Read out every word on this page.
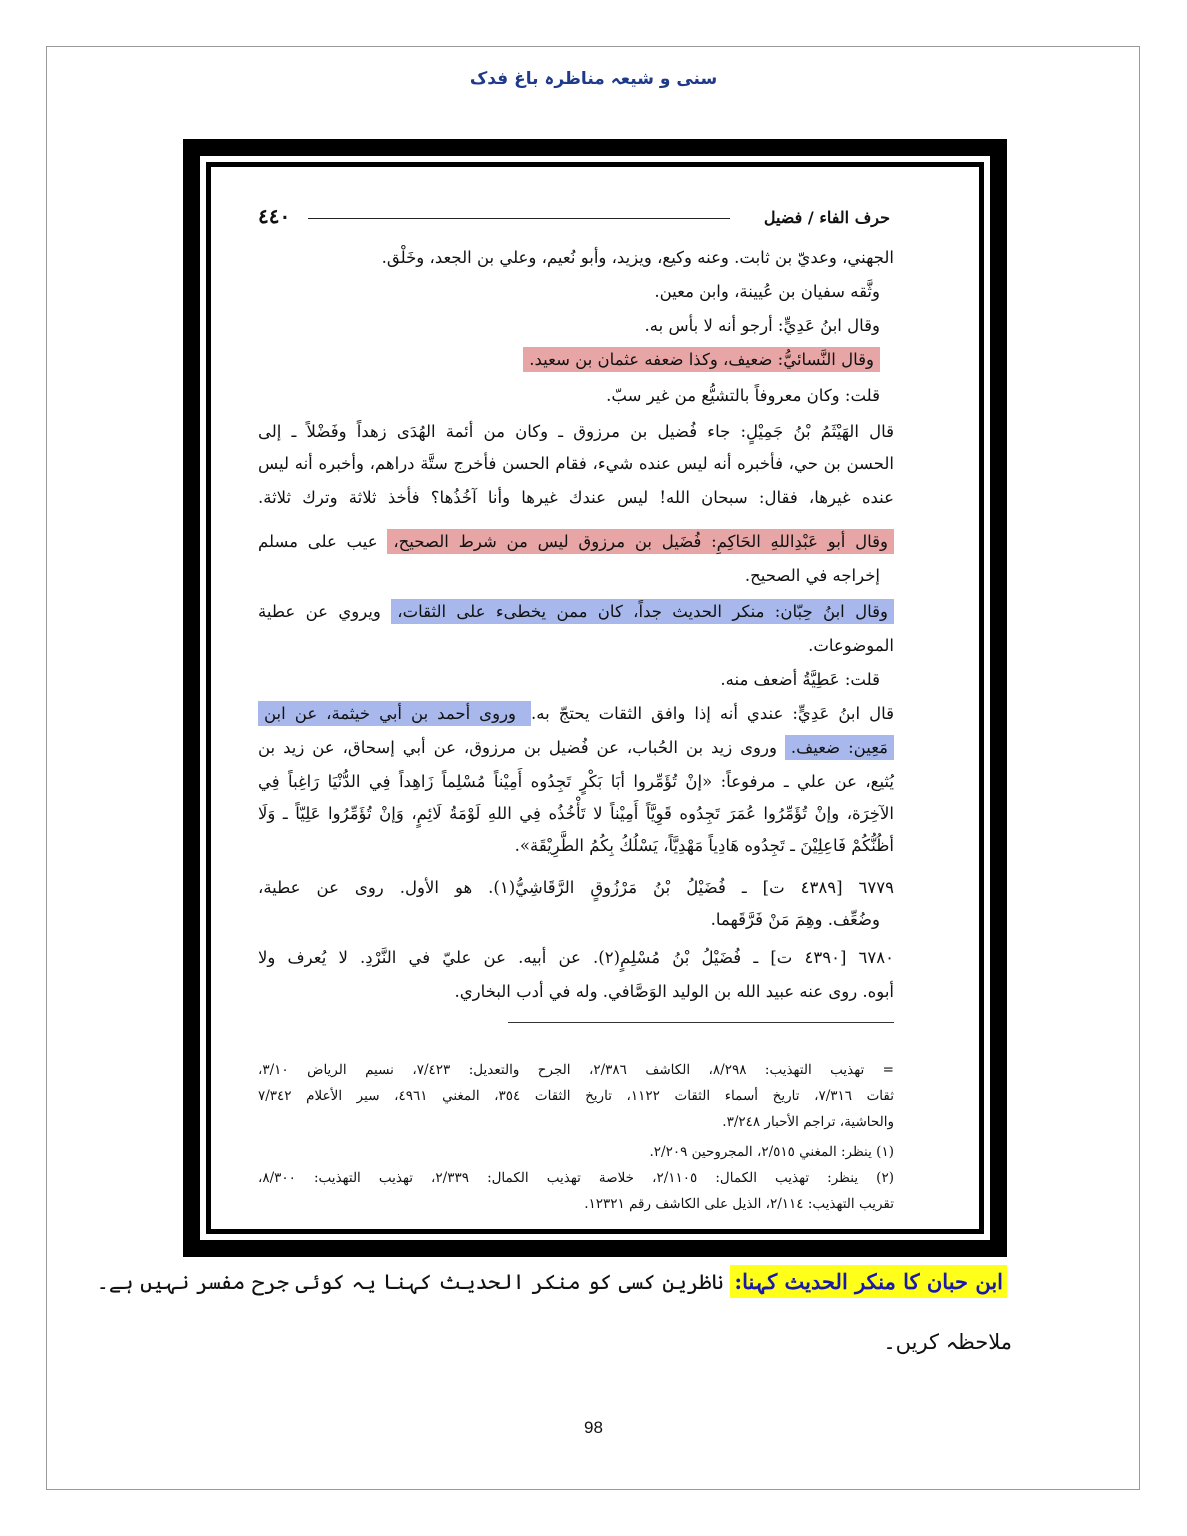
سنی و شیعہ مناظرہ باغ فدک
٤٤٠	حرف الفاء / فضيل
الجهني، وعديّ بن ثابت. وعنه وكيع، ويزيد، وأبو نُعيم، وعلي بن الجعد، وخَلْق.
وثَّقه سفيان بن عُيينة، وابن معين.
وقال ابنُ عَدِيٍّ: أرجو أنه لا بأس به.
وقال النَّسائيُّ: ضعيف، وكذا ضعفه عثمان بن سعيد.
قلت: وكان معروفاً بالتشيُّع من غير سبّ.
قال الهَيْثَمُ بْنُ جَمِيْلٍ: جاء فُضيل بن مرزوق ـ وكان من أئمة الهُدَى زهداً وفَضْلاً ـ إلى
الحسن بن حي، فأخبره أنه ليس عنده شيء، فقام الحسن فأخرج ستَّة دراهم، وأخبره أنه ليس
عنده غيرها، فقال: سبحان الله! ليس عندك غيرها وأنا آخُذُها؟ فأخذ ثلاثة وترك ثلاثة.
وقال أبو عَبْدِاللهِ الحَاكِمِ: فُضَيل بن مرزوق ليس من شرط الصحيح، عيب على مسلم
إخراجه في الصحيح.
وقال ابنُ حِبّان: منكر الحديث جداً، كان ممن يخطىء على الثقات، ويروي عن عطية
الموضوعات.
قلت: عَطِيَّةُ أضعف منه.
قال ابنُ عَدِيٍّ: عندي أنه إذا وافق الثقات يحتجّ به. وروى أحمد بن أبي خيثمة، عن ابن
مَعِين: ضعيف. وروى زيد بن الحُباب، عن فُضيل بن مرزوق، عن أبي إسحاق، عن زيد بن
يُثيع، عن علي ـ مرفوعاً: «إنْ تُؤَمِّروا أبَا بَكْرٍ تَجِدُوه أَمِيْناً مُسْلِماً زَاهِداً فِي الدُّنْيَا رَاغِباً فِي
الآخِرَة، وإنْ تُؤَمِّرُوا عُمَرَ تَجِدُوه قَوِيَّاً أَمِيْناً لا تَأْخُذُه فِي اللهِ لَوْمَةُ لَائِمٍ، وَإنْ تُؤَمِّرُوا عَلِيّاً ـ وَلَا
أظُنُّكُمْ فَاعِلِيْنَ ـ تَجِدُوه هَادِياً مَهْدِيَّاً، يَسْلُكُ بِكُمُ الطَّرِيْقَة».
٦٧٧٩ [٤٣٨٩ ت] ـ فُضَيْلُ بْنُ مَرْزُوقٍ الرَّقَاشِيُّ(١). هو الأول. روى عن عطية،
وضُعِّف. وهِمَ مَنْ فَرَّقَهما.
٦٧٨٠ [٤٣٩٠ ت] ـ فُضَيْلُ بْنُ مُسْلِمٍ(٢). عن أبيه. عن عليّ في النَّرْدِ. لا يُعرف ولا
أبوه. روى عنه عبيد الله بن الوليد الوَصَّافي. وله في أدب البخاري.
= تهذيب التهذيب: ٨/٢٩٨، الكاشف ٢/٣٨٦، الجرح والتعديل: ٧/٤٢٣، نسيم الرياض ٣/١٠،
ثقات ٧/٣١٦، تاريخ أسماء الثقات ١١٢٢، تاريخ الثقات ٣٥٤، المغني ٤٩٦١، سير الأعلام ٧/٣٤٢
والحاشية، تراجم الأحبار ٣/٢٤٨.
(١) ينظر: المغني ٢/٥١٥، المجروحين ٢/٢٠٩.
(٢) ينظر: تهذيب الكمال: ٢/١١٠٥، خلاصة تهذيب الكمال: ٢/٣٣٩، تهذيب التهذيب: ٨/٣٠٠،
تقريب التهذيب: ٢/١١٤، الذيل على الكاشف رقم ١٢٣٢١.
ابن حبان کا منکر الحدیث کہنا: ناظرین کسی کو منکر الحدیث کہنا یہ کوئی جرح مفسر نہیں ہے۔
ملاحظہ کریں۔
98
